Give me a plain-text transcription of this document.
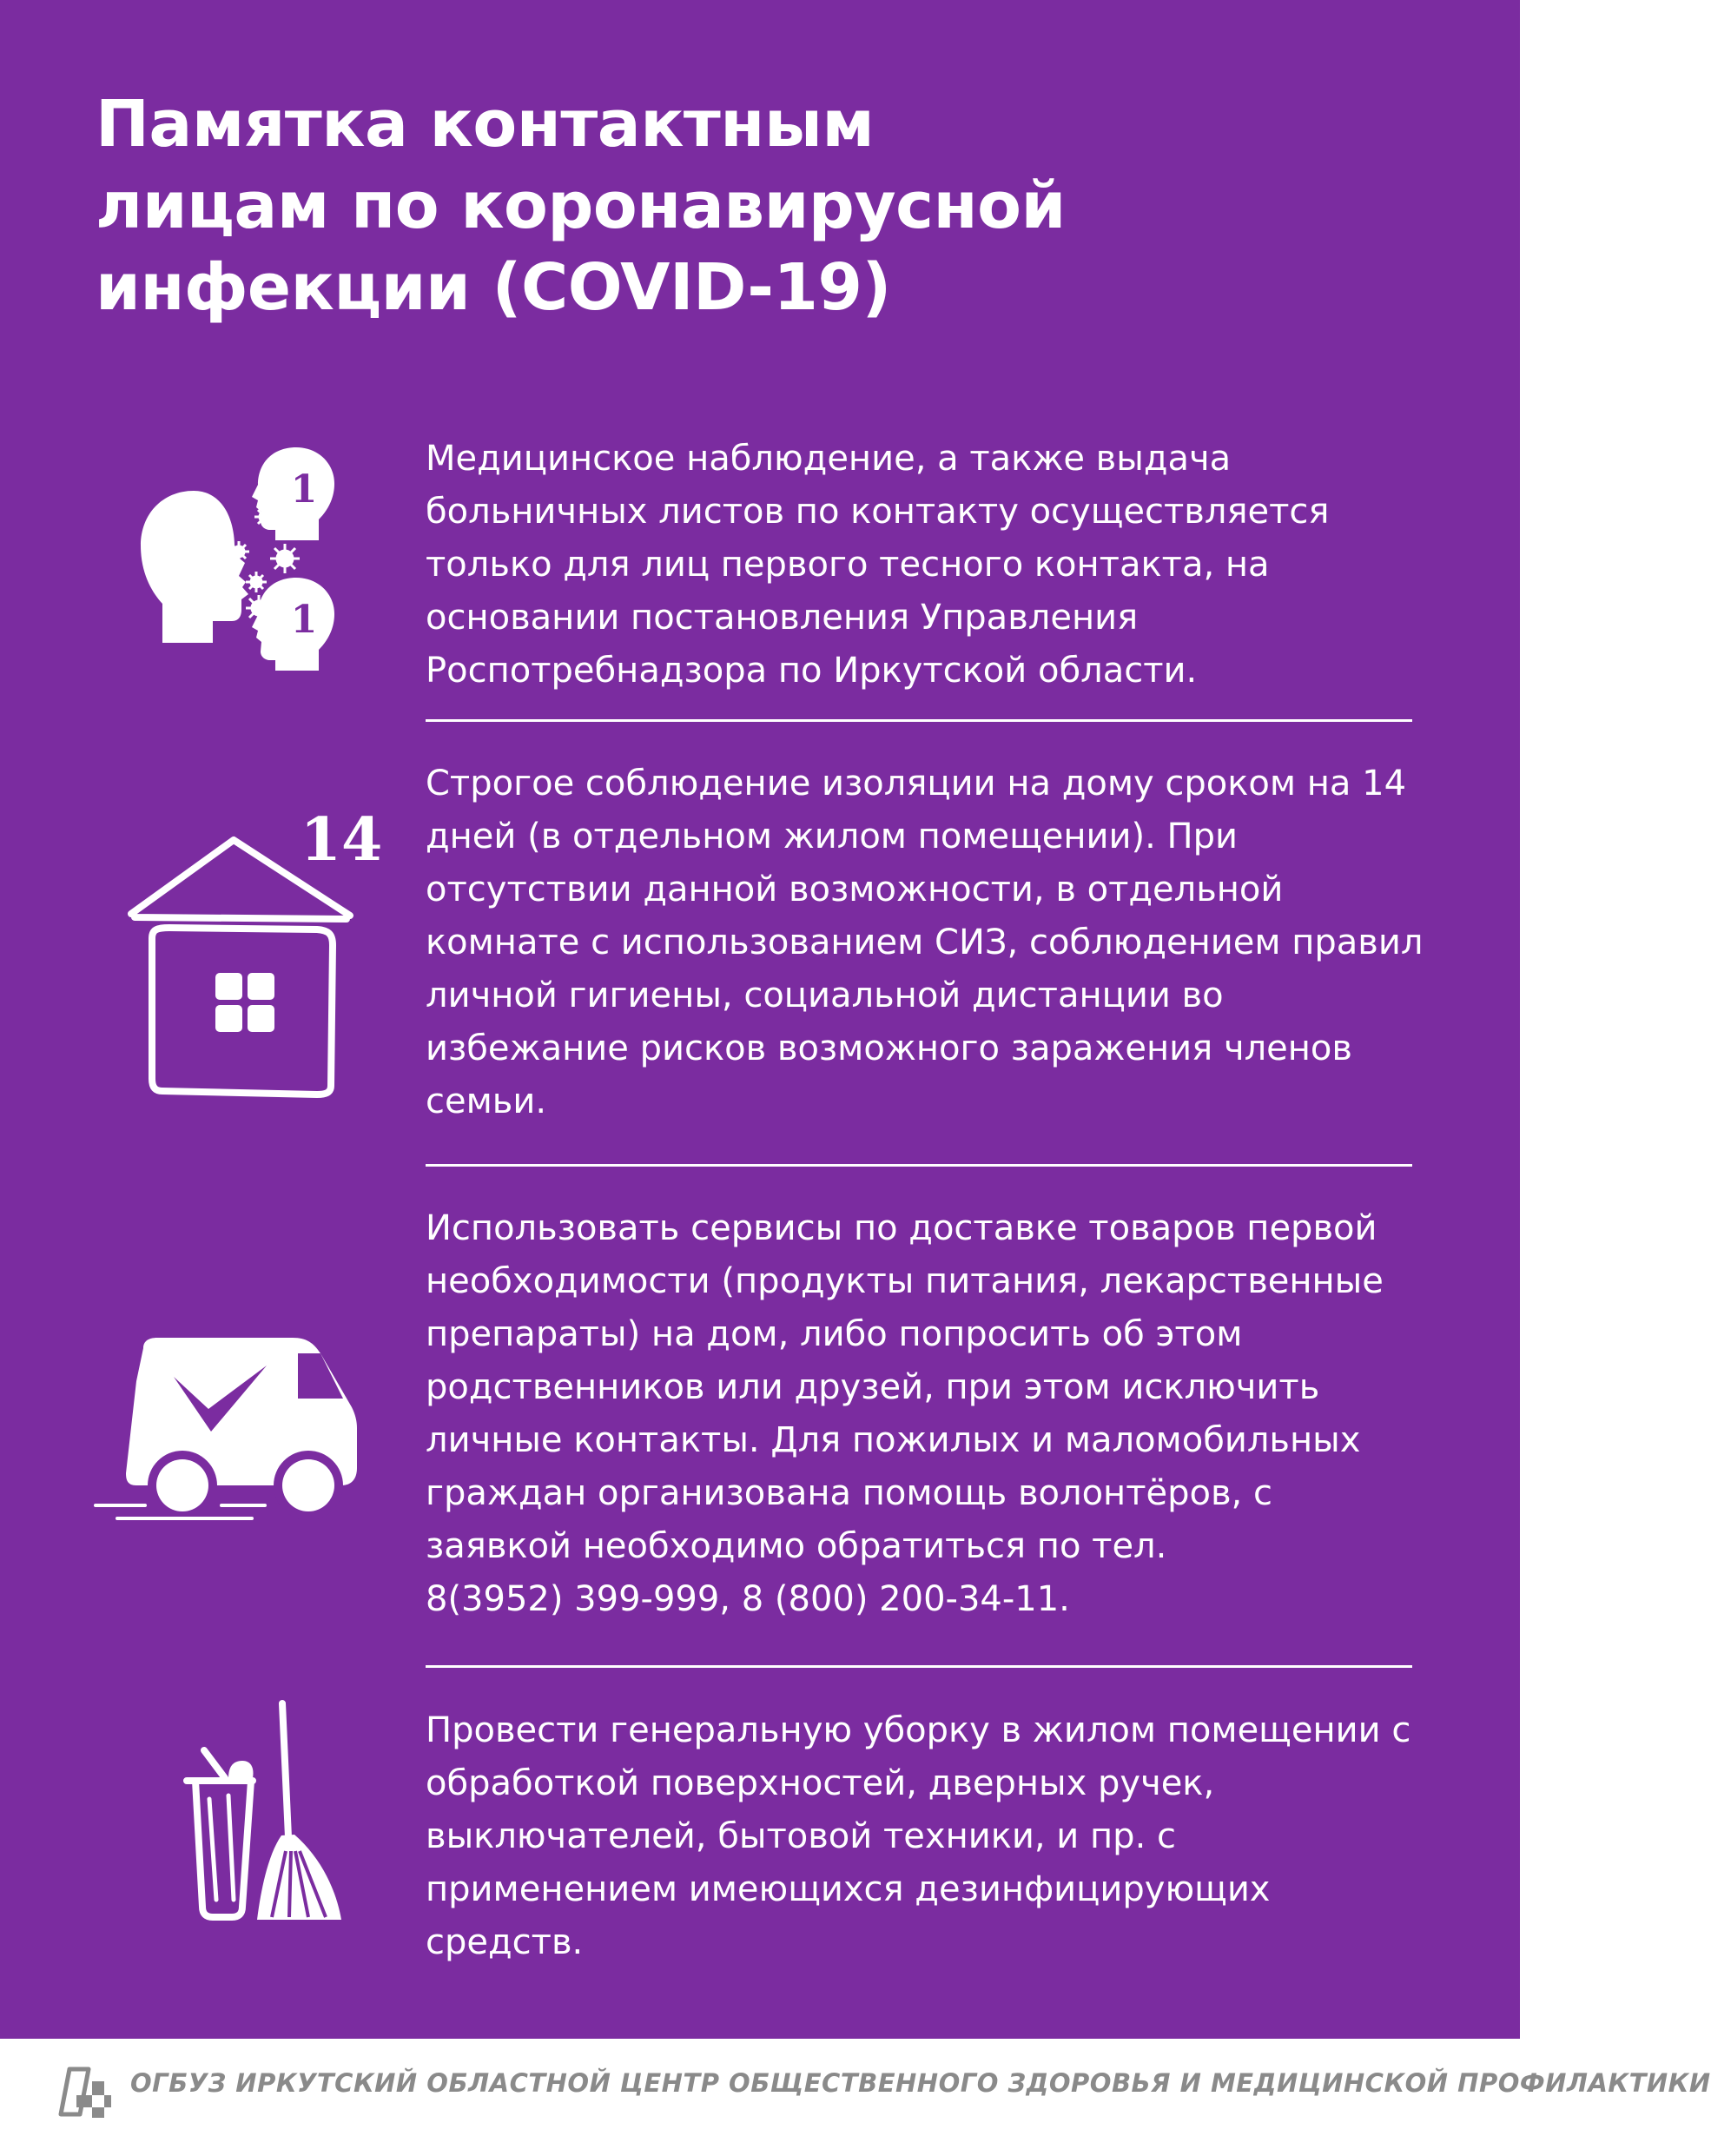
Памятка контактным
лицам по коронавирусной
инфекции (COVID-19)
1
1

Медицинское наблюдение, а также выдача больничных листов по контакту осуществляется только для лиц первого тесного контакта, на основании постановления Управления Роспотребнадзора по Иркутской области.

14

Строгое соблюдение изоляции на дому сроком на 14 дней (в отдельном жилом помещении). При отсутствии данной возможности, в отдельной комнате с использованием СИЗ, соблюдением правил личной гигиены, социальной дистанции во избежание рисков возможного заражения членов семьи.

Использовать сервисы по доставке товаров первой необходимости (продукты питания, лекарственные препараты) на дом, либо попросить об этом родственников или друзей, при этом исключить личные контакты. Для пожилых и маломобильных граждан организована помощь волонтёров, с заявкой необходимо обратиться по тел.
8(3952) 399-999, 8 (800) 200-34-11.

Провести генеральную уборку в жилом помещении с обработкой поверхностей, дверных ручек, выключателей, бытовой техники, и пр. с применением имеющихся дезинфицирующих средств.

ОГБУЗ ИРКУТСКИЙ ОБЛАСТНОЙ ЦЕНТР ОБЩЕСТВЕННОГО ЗДОРОВЬЯ И МЕДИЦИНСКОЙ ПРОФИЛАКТИКИ
